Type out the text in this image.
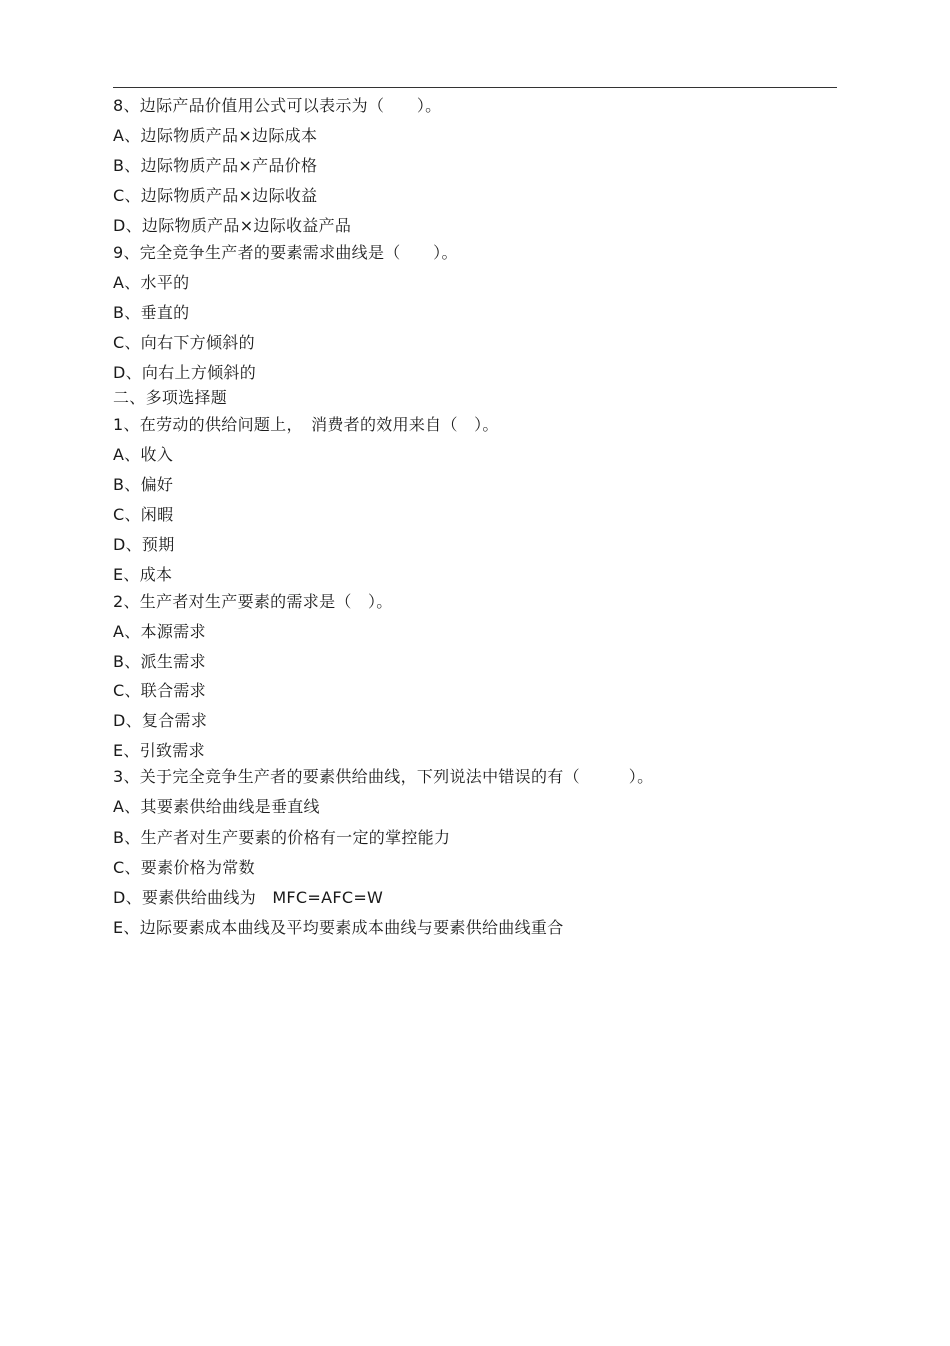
8、边际产品价值用公式可以表示为（　　）。
A、边际物质产品×边际成本
B、边际物质产品×产品价格
C、边际物质产品×边际收益
D、边际物质产品×边际收益产品
9、完全竞争生产者的要素需求曲线是（　　）。
A、水平的
B、垂直的
C、向右下方倾斜的
D、向右上方倾斜的
二、多项选择题
1、在劳动的供给问题上，　消费者的效用来自（　）。
A、收入
B、偏好
C、闲暇
D、预期
E、成本
2、生产者对生产要素的需求是（　）。
A、本源需求
B、派生需求
C、联合需求
D、复合需求
E、引致需求
3、关于完全竞争生产者的要素供给曲线，下列说法中错误的有（　　　）。
A、其要素供给曲线是垂直线
B、生产者对生产要素的价格有一定的掌控能力
C、要素价格为常数
D、要素供给曲线为　MFC=AFC=W
E、边际要素成本曲线及平均要素成本曲线与要素供给曲线重合
